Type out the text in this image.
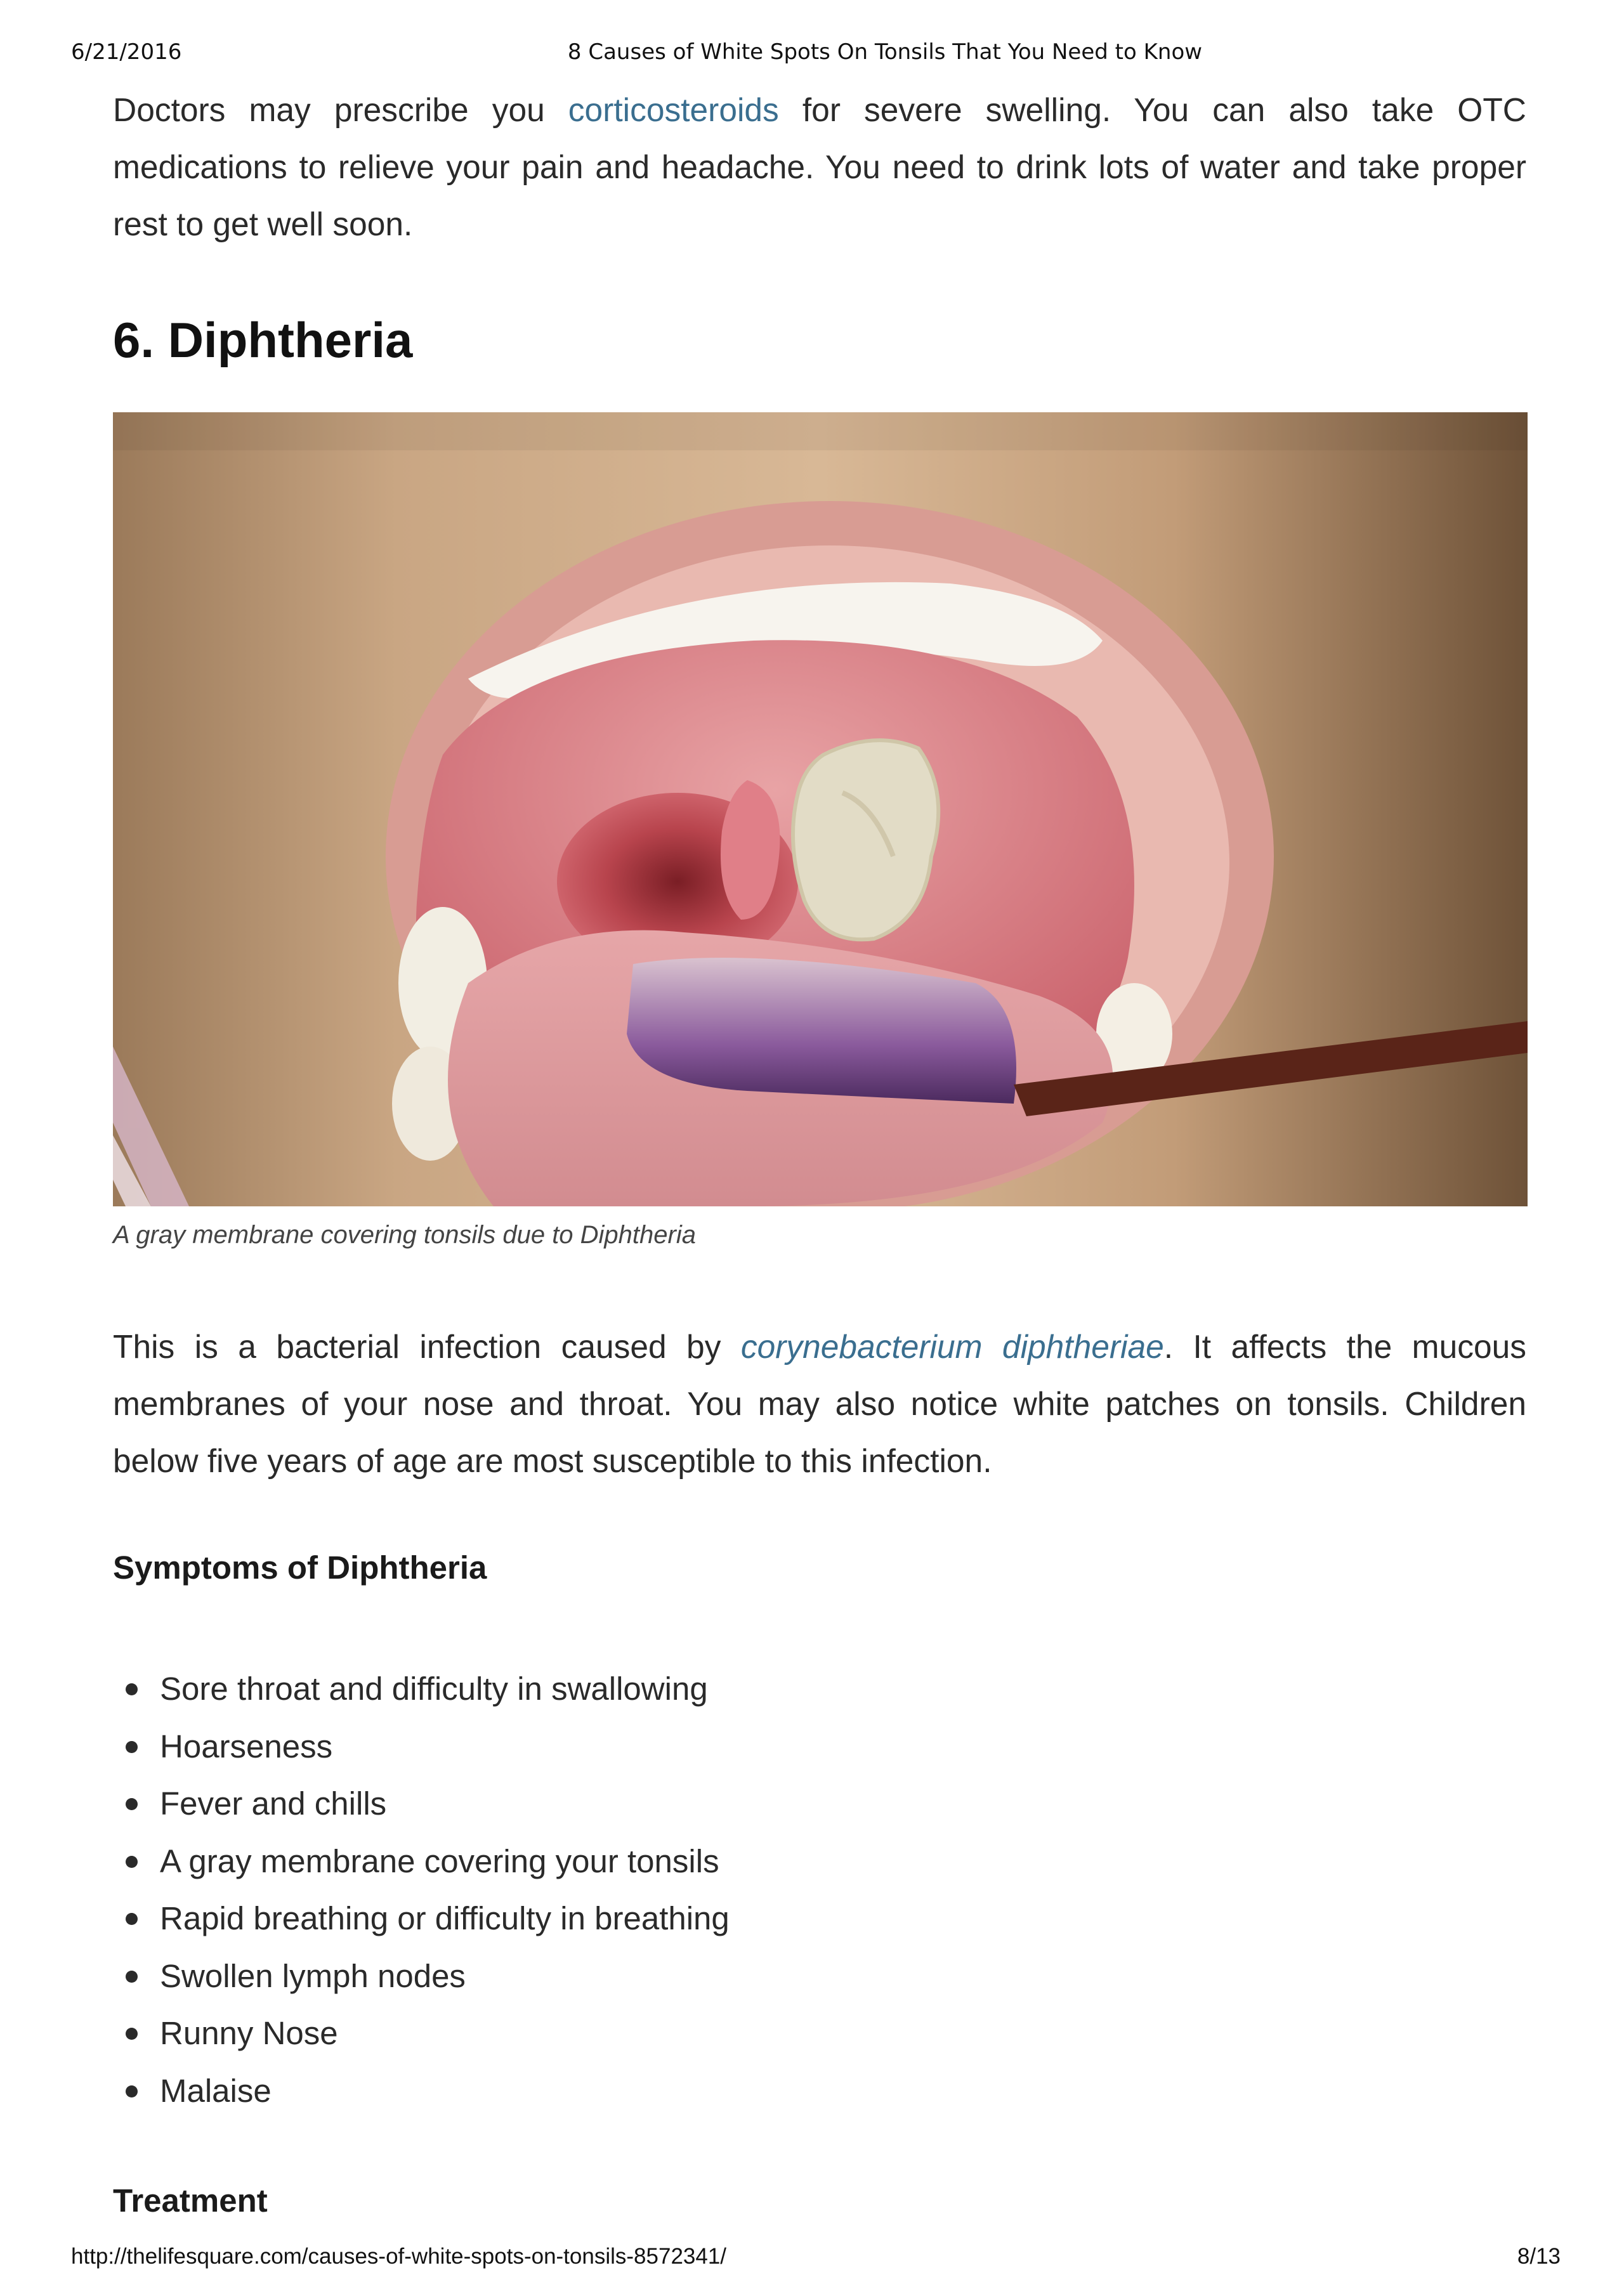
6/21/2016	8 Causes of White Spots On Tonsils That You Need to Know

Doctors may prescribe you corticosteroids for severe swelling. You can also take OTC medications to relieve your pain and headache. You need to drink lots of water and take proper rest to get well soon.

6. Diphtheria

A gray membrane covering tonsils due to Diphtheria

This is a bacterial infection caused by corynebacterium diphtheriae. It affects the mucous membranes of your nose and throat. You may also notice white patches on tonsils. Children below five years of age are most susceptible to this infection.

Symptoms of Diphtheria
Sore throat and difficulty in swallowing
Hoarseness
Fever and chills
A gray membrane covering your tonsils
Rapid breathing or difficulty in breathing
Swollen lymph nodes
Runny Nose
Malaise
Treatment
http://thelifesquare.com/causes-of-white-spots-on-tonsils-8572341/	8/13
